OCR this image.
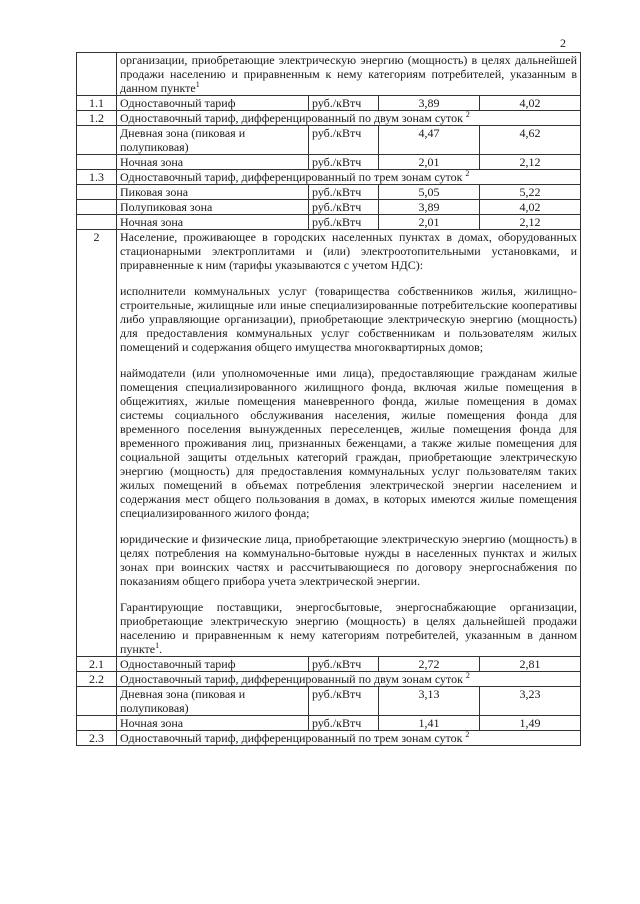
2
	организации, приобретающие электрическую энергию (мощность) в целях дальнейшей продажи населению и приравненным к нему категориям потребителей, указанным в данном пункте$^1$
1.1	Одноставочный тариф	руб./кВтч	3,89	4,02
1.2	Одноставочный тариф, дифференцированный по двум зонам суток $^2$
	Дневная зона (пиковая и полупиковая)	руб./кВтч	4,47	4,62
	Ночная зона	руб./кВтч	2,01	2,12
1.3	Одноставочный тариф, дифференцированный по трем зонам суток $^2$
	Пиковая зона	руб./кВтч	5,05	5,22
	Полупиковая зона	руб./кВтч	3,89	4,02
	Ночная зона	руб./кВтч	2,01	2,12
2	Население, проживающее в городских населенных пунктах в домах, оборудованных стационарными электроплитами и (или) электроотопительными установками, и приравненные к ним (тарифы указываются с учетом НДС):

исполнители коммунальных услуг (товарищества собственников жилья, жилищно-строительные, жилищные или иные специализированные потребительские кооперативы либо управляющие организации), приобретающие электрическую энергию (мощность) для предоставления коммунальных услуг собственникам и пользователям жилых помещений и содержания общего имущества многоквартирных домов;

наймодатели (или уполномоченные ими лица), предоставляющие гражданам жилые помещения специализированного жилищного фонда, включая жилые помещения в общежитиях, жилые помещения маневренного фонда, жилые помещения в домах системы социального обслуживания населения, жилые помещения фонда для временного поселения вынужденных переселенцев, жилые помещения фонда для временного проживания лиц, признанных беженцами, а также жилые помещения для социальной защиты отдельных категорий граждан, приобретающие электрическую энергию (мощность) для предоставления коммунальных услуг пользователям таких жилых помещений в объемах потребления электрической энергии населением и содержания мест общего пользования в домах, в которых имеются жилые помещения специализированного жилого фонда;

юридические и физические лица, приобретающие электрическую энергию (мощность) в целях потребления на коммунально-бытовые нужды в населенных пунктах и жилых зонах при воинских частях и рассчитывающиеся по договору энергоснабжения по показаниям общего прибора учета электрической энергии.

Гарантирующие поставщики, энергосбытовые, энергоснабжающие организации, приобретающие электрическую энергию (мощность) в целях дальнейшей продажи населению и приравненным к нему категориям потребителей, указанным в данном пункте$^1$.			

2.1	Одноставочный тариф	руб./кВтч	2,72	2,81
2.2	Одноставочный тариф, дифференцированный по двум зонам суток $^2$
	Дневная зона (пиковая и полупиковая)	руб./кВтч	3,13	3,23
	Ночная зона	руб./кВтч	1,41	1,49
2.3	Одноставочный тариф, дифференцированный по трем зонам суток $^2$
